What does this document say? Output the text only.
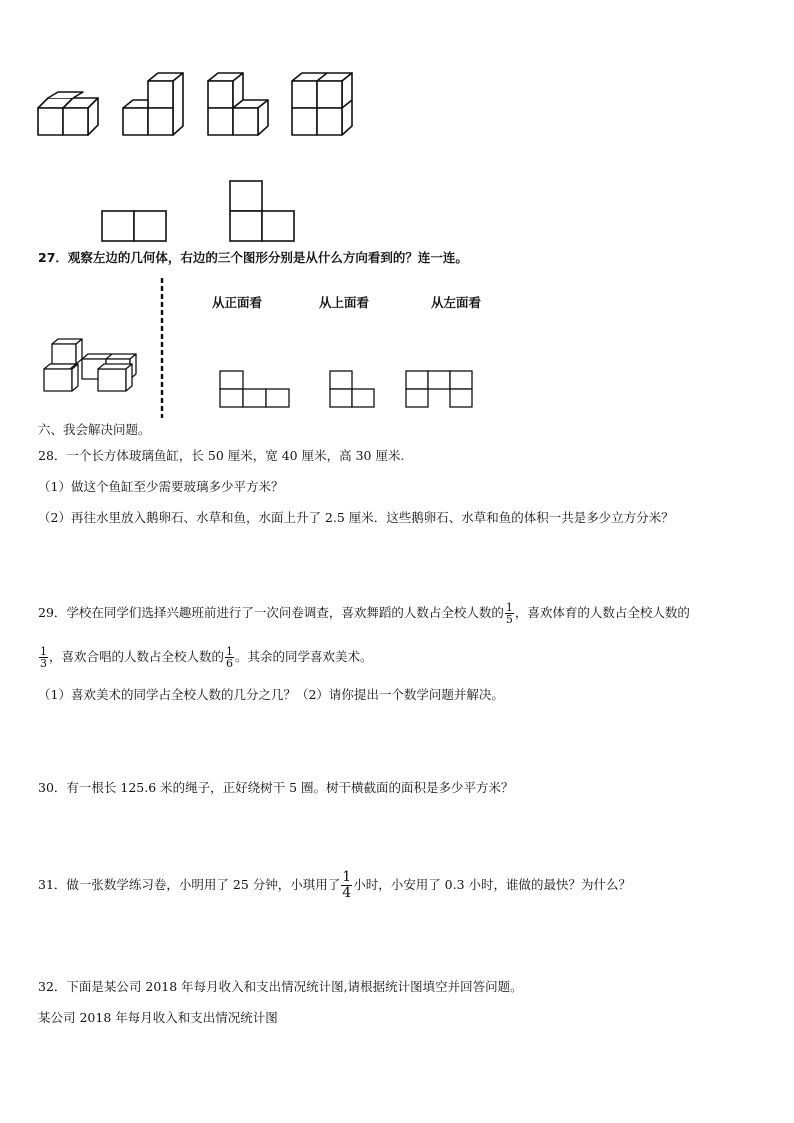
27．观察左边的几何体，右边的三个图形分别是从什么方向看到的？连一连。
从正面看	从上面看	从左面看
六、我会解决问题。
28．一个长方体玻璃鱼缸，长 50 厘米，宽 40 厘米，高 30 厘米.
（1）做这个鱼缸至少需要玻璃多少平方米？
（2）再往水里放入鹅卵石、水草和鱼，水面上升了 2.5 厘米．这些鹅卵石、水草和鱼的体积一共是多少立方分米？
29．学校在同学们选择兴趣班前进行了一次问卷调查，喜欢舞蹈的人数占全校人数的 $\frac{1}{5}$ ，喜欢体育的人数占全校人数的
$\frac{1}{3}$ ，喜欢合唱的人数占全校人数的 $\frac{1}{6}$ 。其余的同学喜欢美术。
（1）喜欢美术的同学占全校人数的几分之几？（2）请你提出一个数学问题并解决。
30．有一根长 125.6 米的绳子，正好绕树干 5 圈。树干横截面的面积是多少平方米？
31．做一张数学练习卷，小明用了 25 分钟，小琪用了 $\frac{1}{4}$ 小时，小安用了 0.3 小时，谁做的最快？为什么？
32．下面是某公司 2018 年每月收入和支出情况统计图,请根据统计图填空并回答问题。
某公司 2018 年每月收入和支出情况统计图
